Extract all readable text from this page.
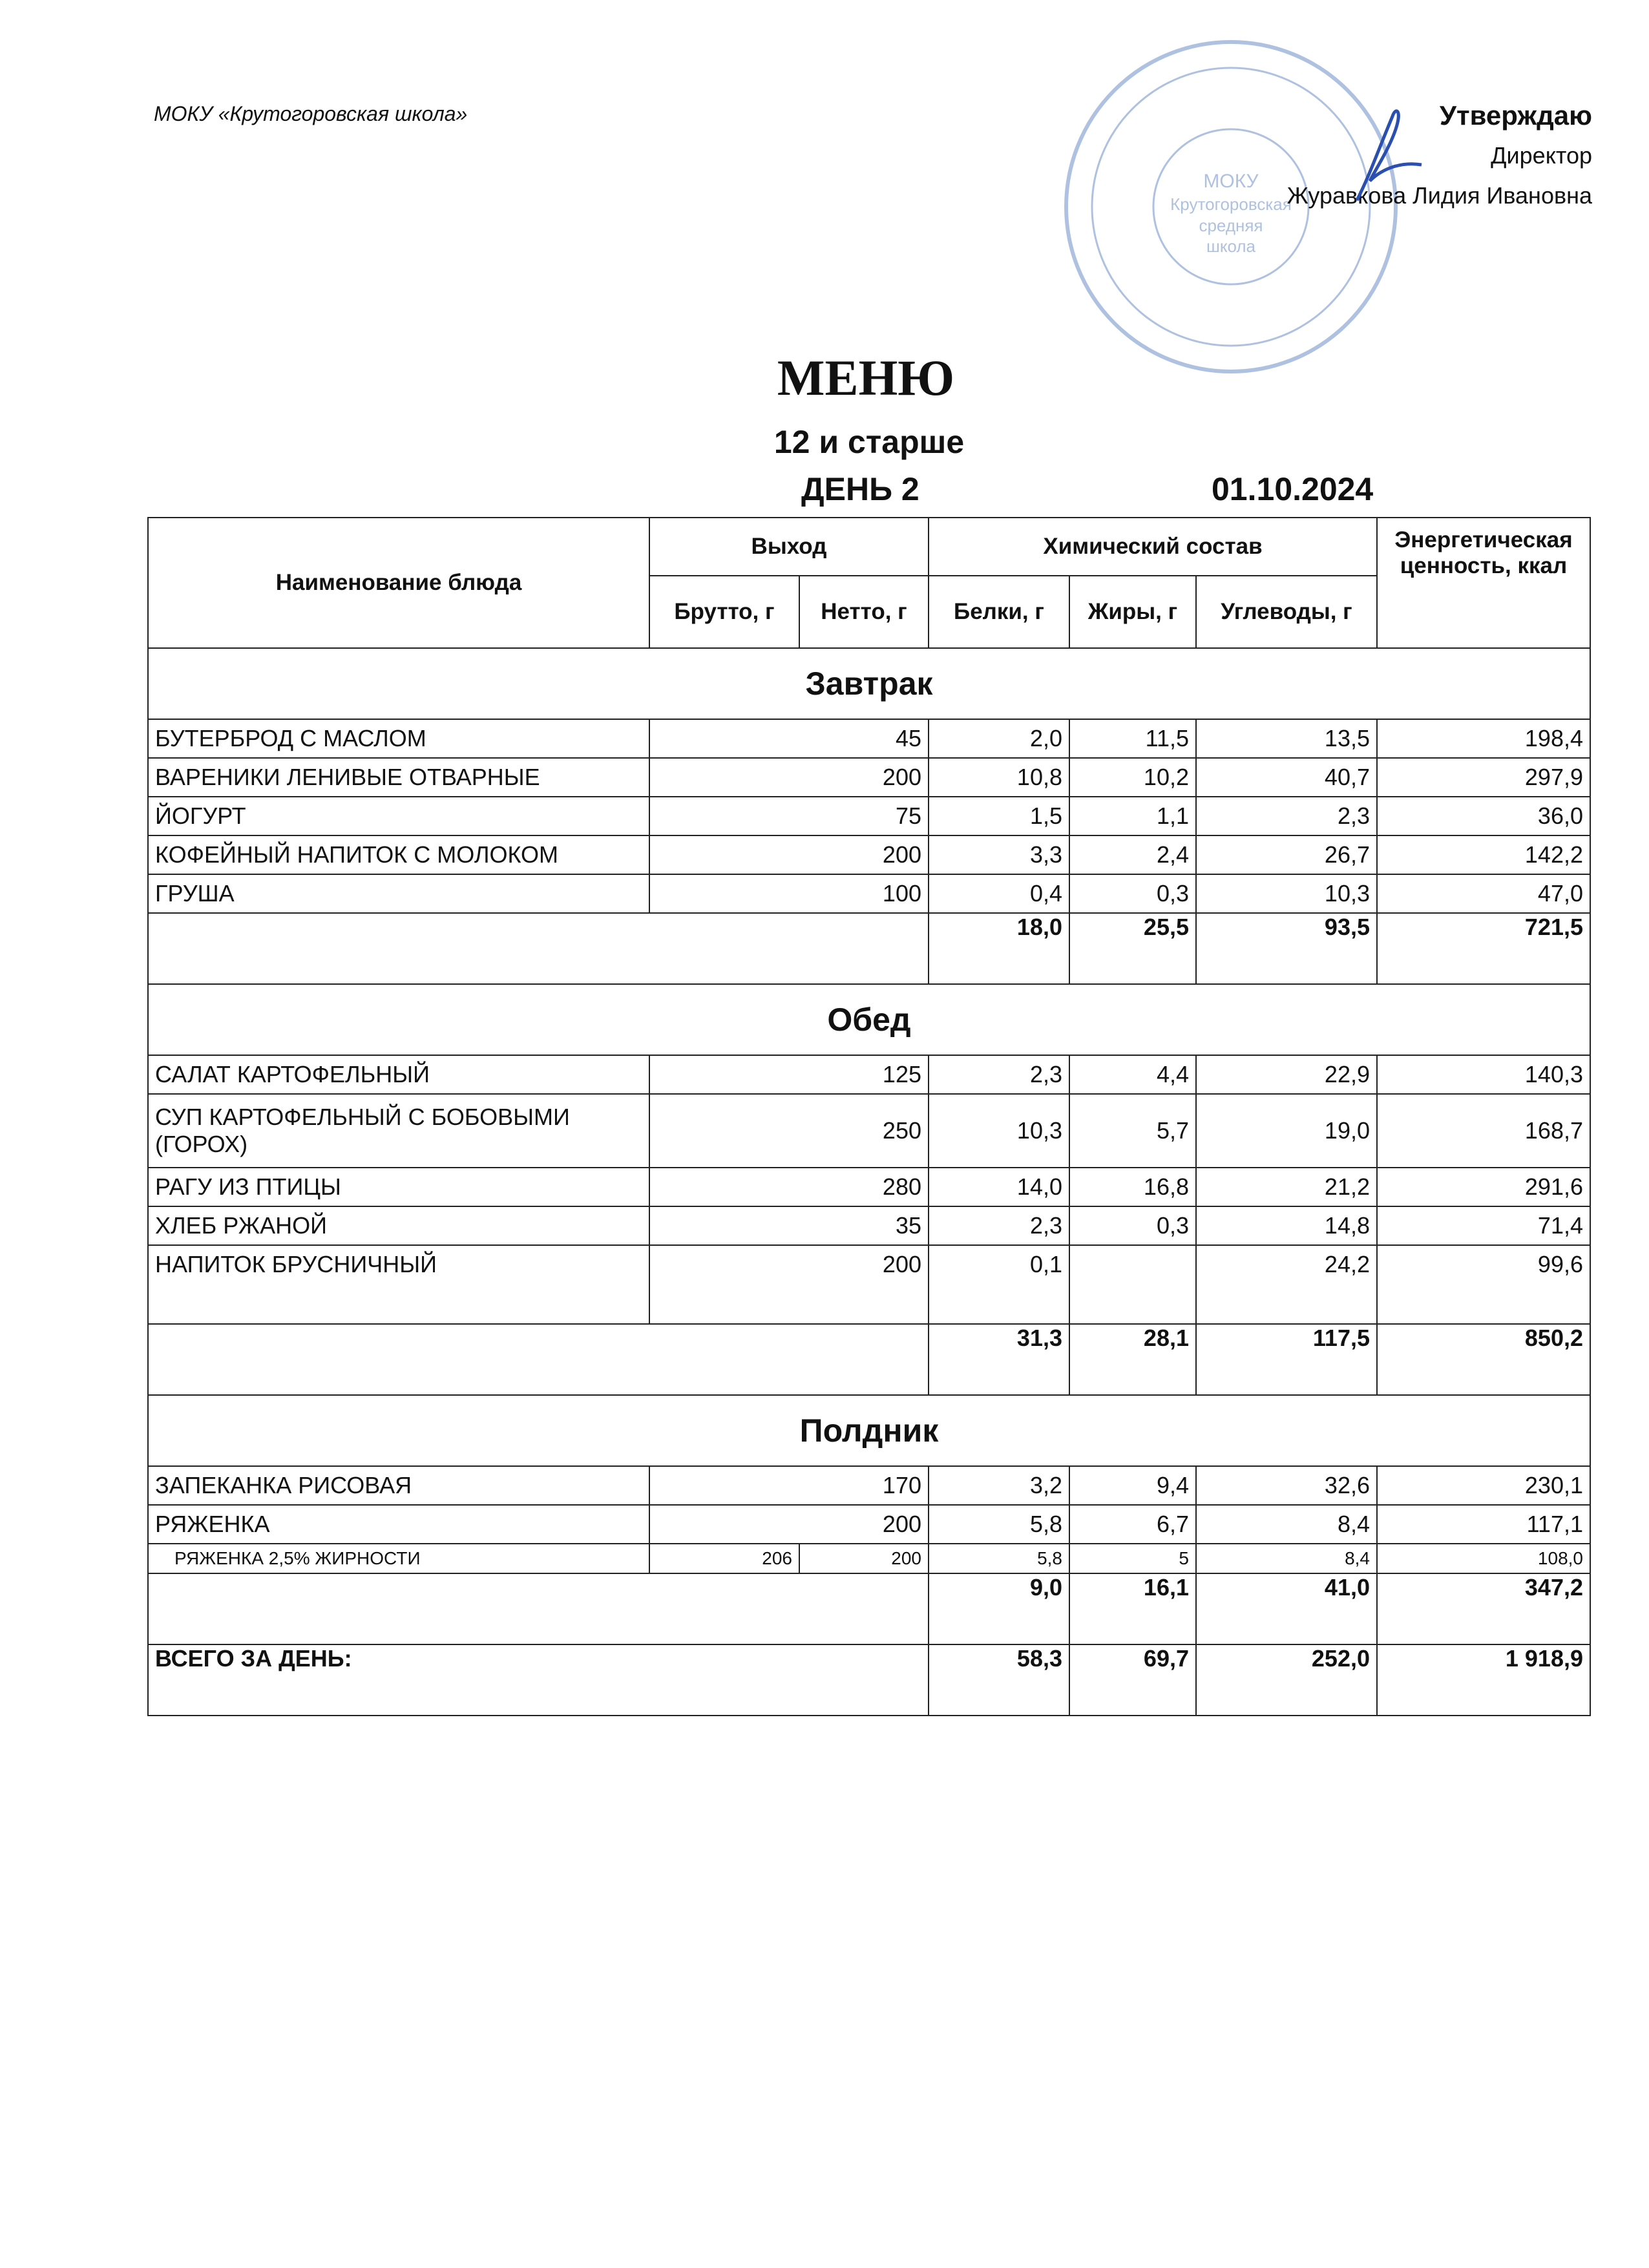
МОКУ «Крутогоровская школа»
МОКУ
Крутогоровская
средняя
школа
Утверждаю
Директор
Журавкова Лидия Ивановна
МЕНЮ
12 и старше
ДЕНЬ 2	01.10.2024
Наименование блюда	Выход		Химический состав			Энергетическая ценность, ккал
	Брутто, г	Нетто, г	Белки, г	Жиры, г	Углеводы, г	
Завтрак						
БУТЕРБРОД С МАСЛОМ	45		2,0	11,5	13,5	198,4
ВАРЕНИКИ ЛЕНИВЫЕ ОТВАРНЫЕ	200		10,8	10,2	40,7	297,9
ЙОГУРТ	75		1,5	1,1	2,3	36,0
КОФЕЙНЫЙ НАПИТОК С МОЛОКОМ	200		3,3	2,4	26,7	142,2
ГРУША	100		0,4	0,3	10,3	47,0
			18,0	25,5	93,5	721,5
Обед						
САЛАТ КАРТОФЕЛЬНЫЙ	125		2,3	4,4	22,9	140,3
СУП КАРТОФЕЛЬНЫЙ С БОБОВЫМИ (ГОРОХ)	250		10,3	5,7	19,0	168,7
РАГУ ИЗ ПТИЦЫ	280		14,0	16,8	21,2	291,6
ХЛЕБ РЖАНОЙ	35		2,3	0,3	14,8	71,4
НАПИТОК БРУСНИЧНЫЙ	200		0,1		24,2	99,6
			31,3	28,1	117,5	850,2
Полдник						
ЗАПЕКАНКА РИСОВАЯ	170		3,2	9,4	32,6	230,1
РЯЖЕНКА	200		5,8	6,7	8,4	117,1
РЯЖЕНКА 2,5% ЖИРНОСТИ	206	200	5,8	5	8,4	108,0
			9,0	16,1	41,0	347,2
ВСЕГО ЗА ДЕНЬ:			58,3	69,7	252,0	1 918,9
